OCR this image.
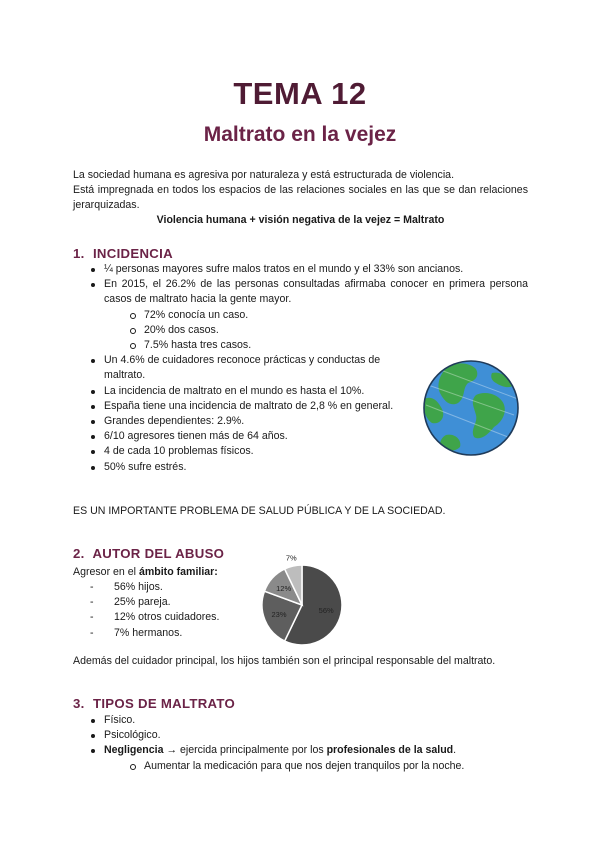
TEMA 12
Maltrato en la vejez

La sociedad humana es agresiva por naturaleza y está estructurada de violencia.

Está impregnada en todos los espacios de las relaciones sociales en las que se dan relaciones jerarquizadas.

Violencia humana + visión negativa de la vejez = Maltrato

1. INCIDENCIA
¼ personas mayores sufre malos tratos en el mundo y el 33% son ancianos.
En 2015, el 26.2% de las personas consultadas afirmaba conocer en primera persona casos de maltrato hacia la gente mayor.
72% conocía un caso.
20% dos casos.
7.5% hasta tres casos.
Un 4.6% de cuidadores reconoce prácticas y conductas de maltrato.
La incidencia de maltrato en el mundo es hasta el 10%.
España tiene una incidencia de maltrato de 2,8 % en general.
Grandes dependientes: 2.9%.
6/10 agresores tienen más de 64 años.
4 de cada 10 problemas físicos.
50% sufre estrés.
ES UN IMPORTANTE PROBLEMA DE SALUD PÚBLICA Y DE LA SOCIEDAD.
2. AUTOR DEL ABUSO
Agresor en el ámbito familiar:
- 56% hijos.
- 25% pareja.
- 12% otros cuidadores.
- 7% hermanos.
56%
23%
12%
7%
Además del cuidador principal, los hijos también son el principal responsable del maltrato.
3. TIPOS DE MALTRATO
Físico.
Psicológico.
Negligencia → ejercida principalmente por los profesionales de la salud.
Aumentar la medicación para que nos dejen tranquilos por la noche.
